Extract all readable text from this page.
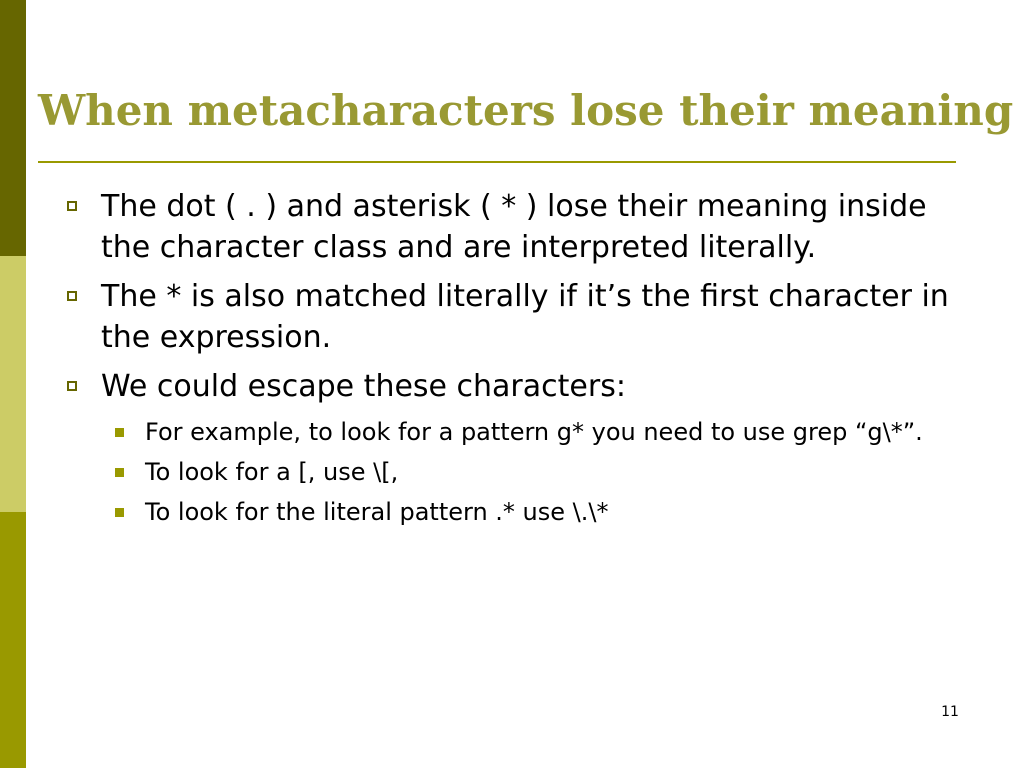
When metacharacters lose their meaning
The dot ( . ) and asterisk ( * ) lose their meaning inside the character class and are interpreted literally.
The * is also matched literally if it’s the first character in the expression.
We could escape these characters:
For example, to look for a pattern g* you need to use grep “g\*”.
To look for a [, use \[,
To look for the literal pattern .* use \.\*
11
